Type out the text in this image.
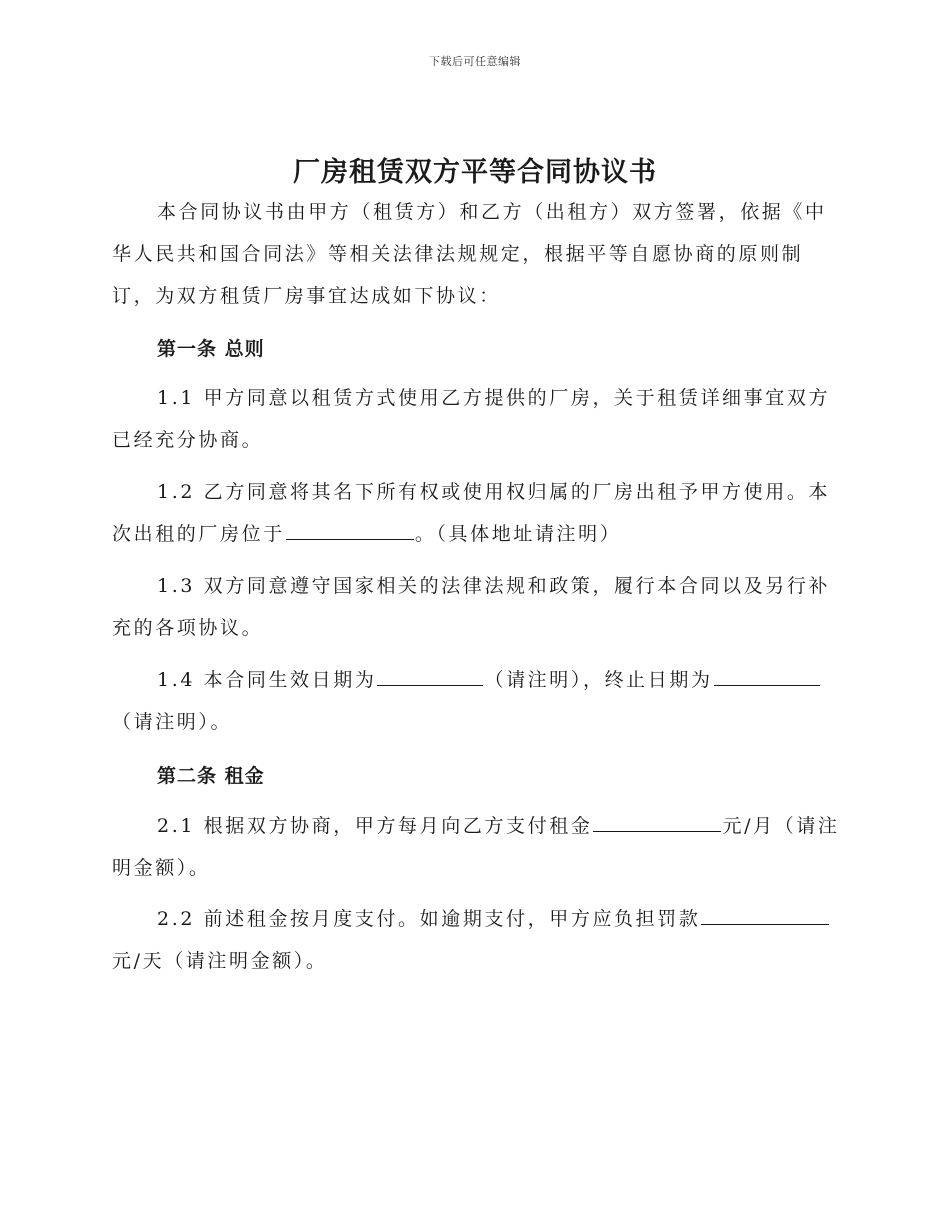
下载后可任意编辑
厂房租赁双方平等合同协议书

本合同协议书由甲方（租赁方）和乙方（出租方）双方签署，依据《中华人民共和国合同法》等相关法律法规规定，根据平等自愿协商的原则制订，为双方租赁厂房事宜达成如下协议：

第一条 总则

1.1 甲方同意以租赁方式使用乙方提供的厂房，关于租赁详细事宜双方已经充分协商。

1.2 乙方同意将其名下所有权或使用权归属的厂房出租予甲方使用。本次出租的厂房位于	。（具体地址请注明）

1.3 双方同意遵守国家相关的法律法规和政策，履行本合同以及另行补充的各项协议。

1.4 本合同生效日期为	（请注明），终止日期为（请注明）。

第二条 租金

2.1 根据双方协商，甲方每月向乙方支付租金	元/月（请注明金额）。

2.2 前述租金按月度支付。如逾期支付，甲方应负担罚款元/天（请注明金额）。
